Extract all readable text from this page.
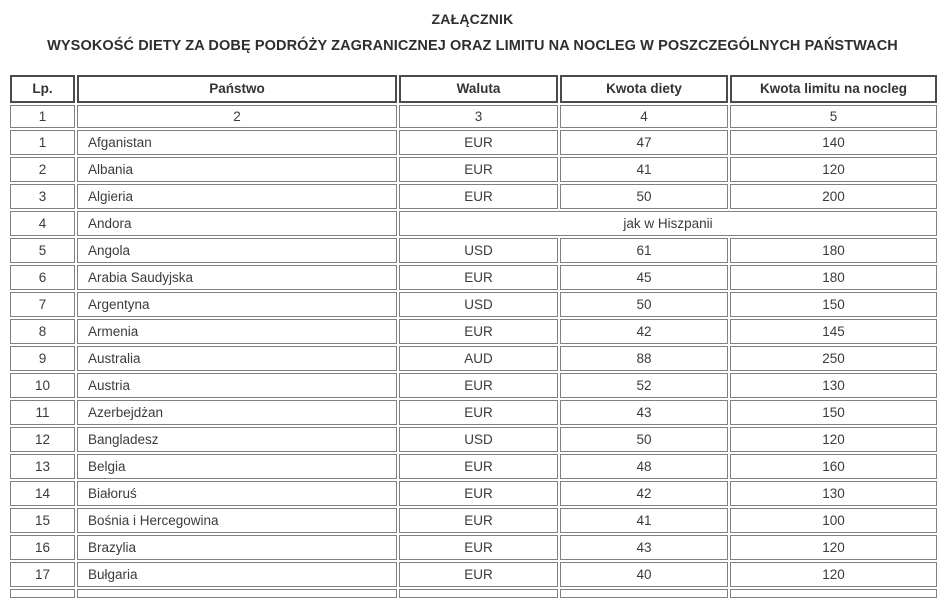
ZAŁĄCZNIK
WYSOKOŚĆ DIETY ZA DOBĘ PODRÓŻY ZAGRANICZNEJ ORAZ LIMITU NA NOCLEG W POSZCZEGÓLNYCH PAŃSTWACH
Lp.	Państwo	Waluta	Kwota diety	Kwota limitu na nocleg
1	2	3	4	5
1	Afganistan	EUR	47	140
2	Albania	EUR	41	120
3	Algieria	EUR	50	200
4	Andora	jak w Hiszpanii		
5	Angola	USD	61	180
6	Arabia Saudyjska	EUR	45	180
7	Argentyna	USD	50	150
8	Armenia	EUR	42	145
9	Australia	AUD	88	250
10	Austria	EUR	52	130
11	Azerbejdżan	EUR	43	150
12	Bangladesz	USD	50	120
13	Belgia	EUR	48	160
14	Białoruś	EUR	42	130
15	Bośnia i Hercegowina	EUR	41	100
16	Brazylia	EUR	43	120
17	Bułgaria	EUR	40	120
